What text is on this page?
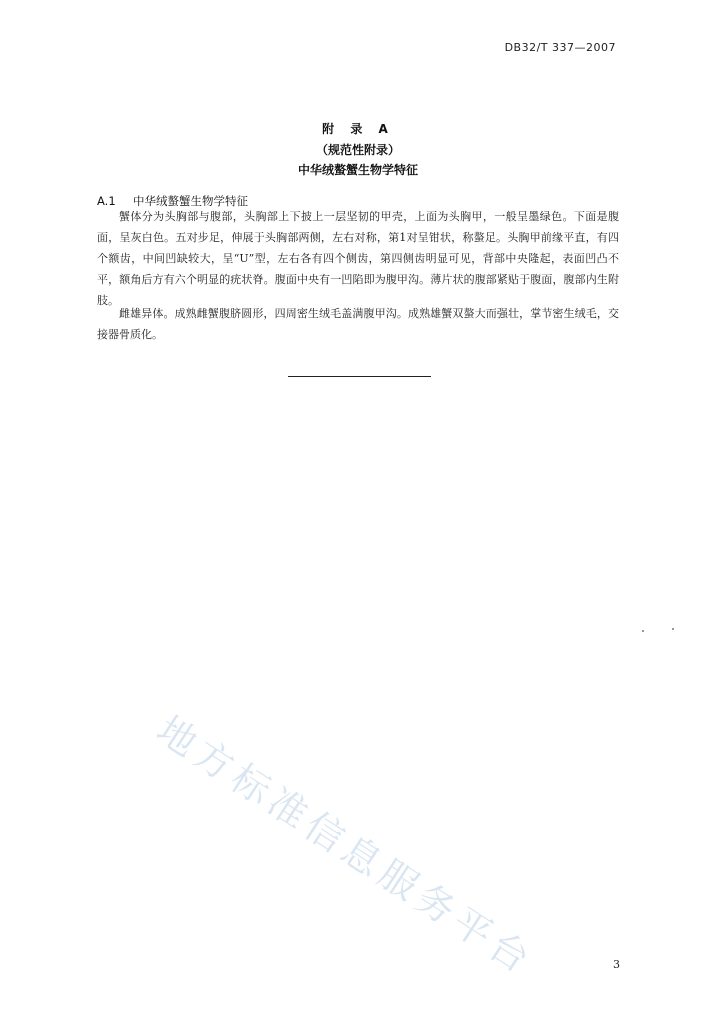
DB32/T 337—2007
附 录 A
（规范性附录）
中华绒螯蟹生物学特征
A.1 中华绒螯蟹生物学特征

蟹体分为头胸部与腹部，头胸部上下披上一层坚韧的甲壳，上面为头胸甲，一般呈墨绿色。下面是腹面，呈灰白色。五对步足，伸展于头胸部两侧，左右对称，第1对呈钳状，称螯足。头胸甲前缘平直，有四个额齿，中间凹缺较大，呈“U”型，左右各有四个侧齿，第四侧齿明显可见，背部中央隆起，表面凹凸不平，额角后方有六个明显的疣状脊。腹面中央有一凹陷即为腹甲沟。薄片状的腹部紧贴于腹面，腹部内生附肢。

雌雄异体。成熟雌蟹腹脐圆形，四周密生绒毛盖满腹甲沟。成熟雄蟹双螯大而强壮，掌节密生绒毛，交接器骨质化。

地方标准信息服务平台	3
